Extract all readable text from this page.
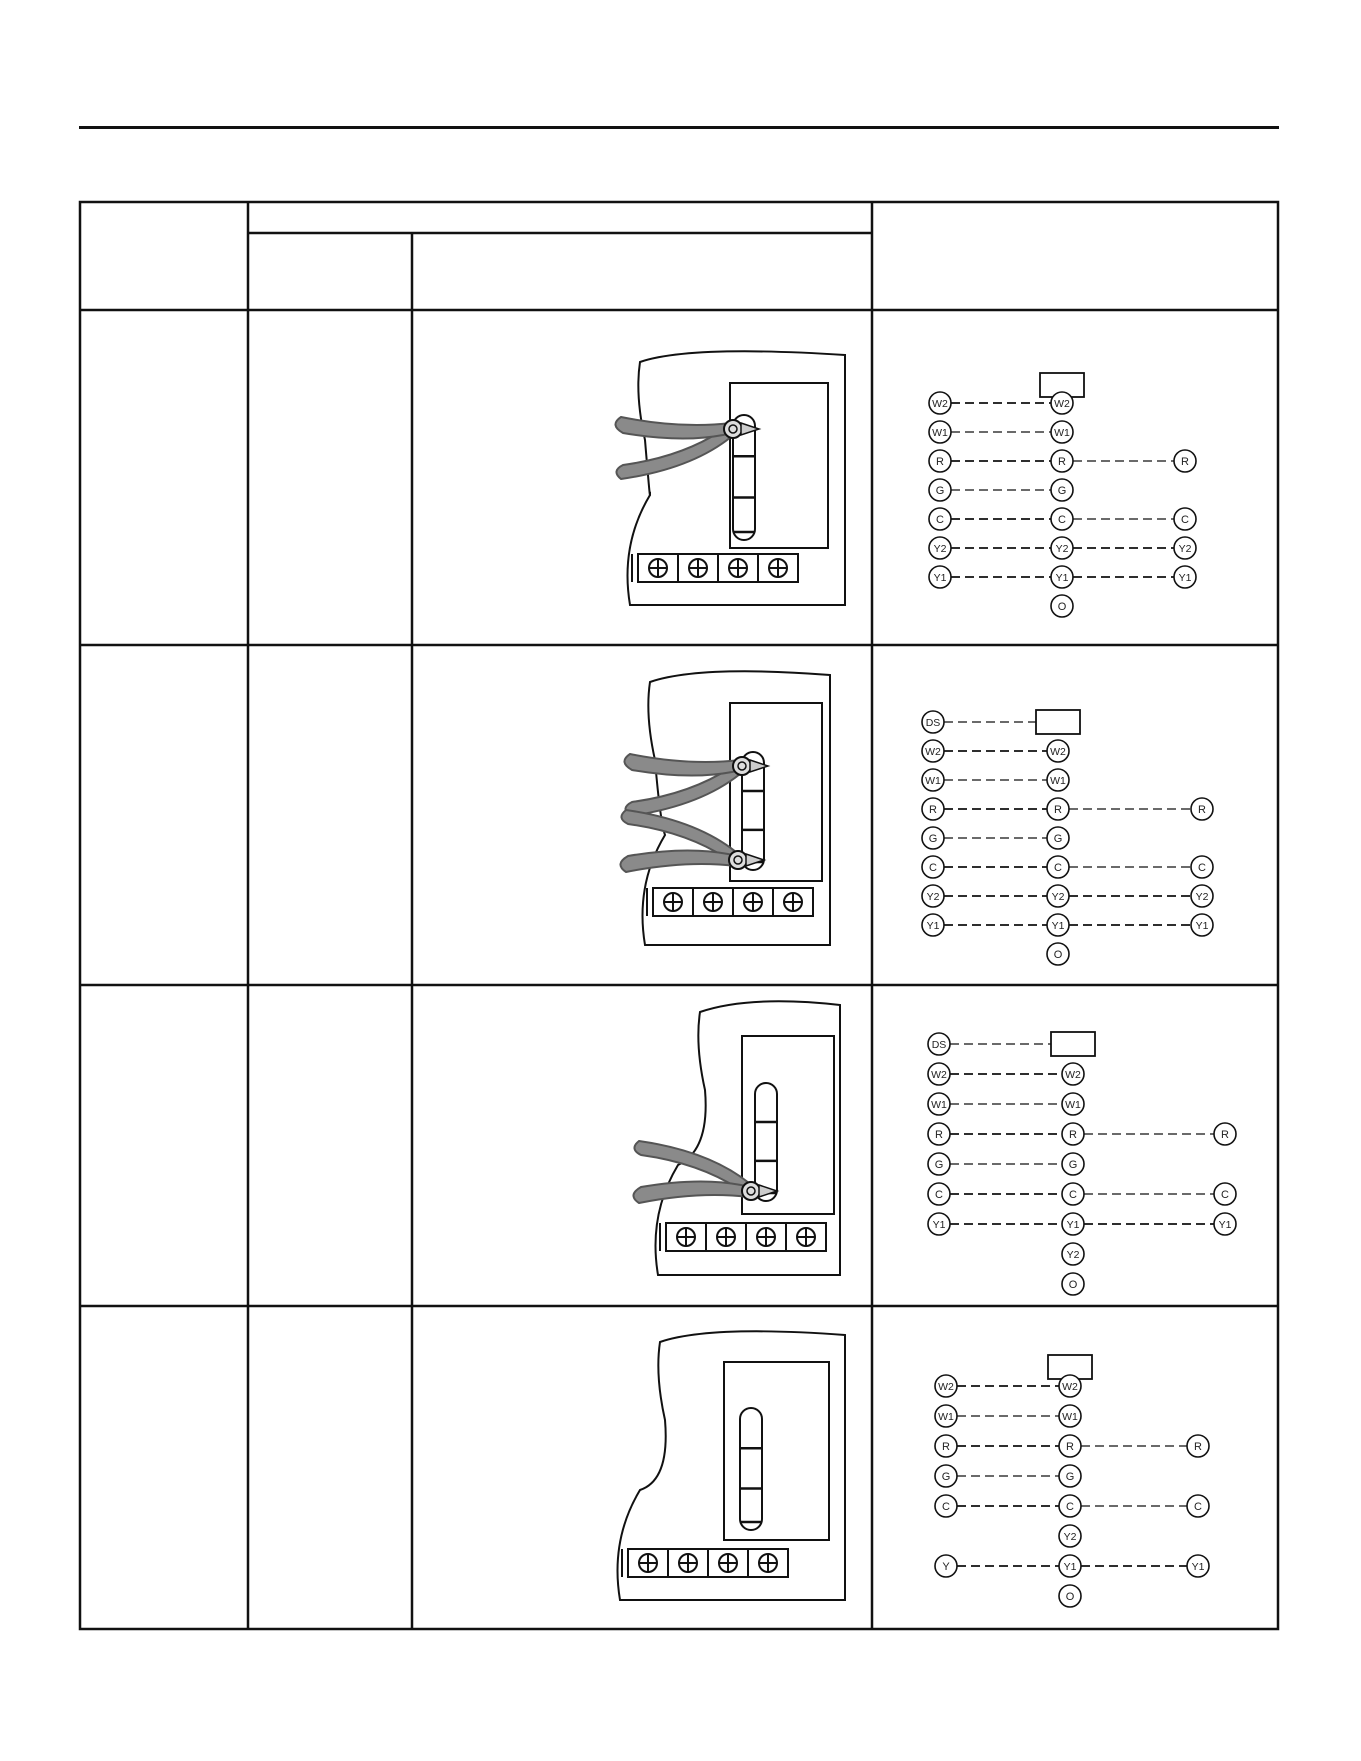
W2	W2
W1	W1
R	R	R
G	G
C	C	C
Y2	Y2	Y2
Y1	Y1	Y1
O
DS
W2	W2
W1	W1
R	R	R
G	G
C	C	C
Y2	Y2	Y2
Y1	Y1	Y1
O
DS
W2	W2
W1	W1
R	R	R
G	G
C	C	C
Y1	Y1	Y1
Y2
O
W2	W2
W1	W1
R	R	R
G	G
C	C	C
Y2
Y	Y1	Y1
O
